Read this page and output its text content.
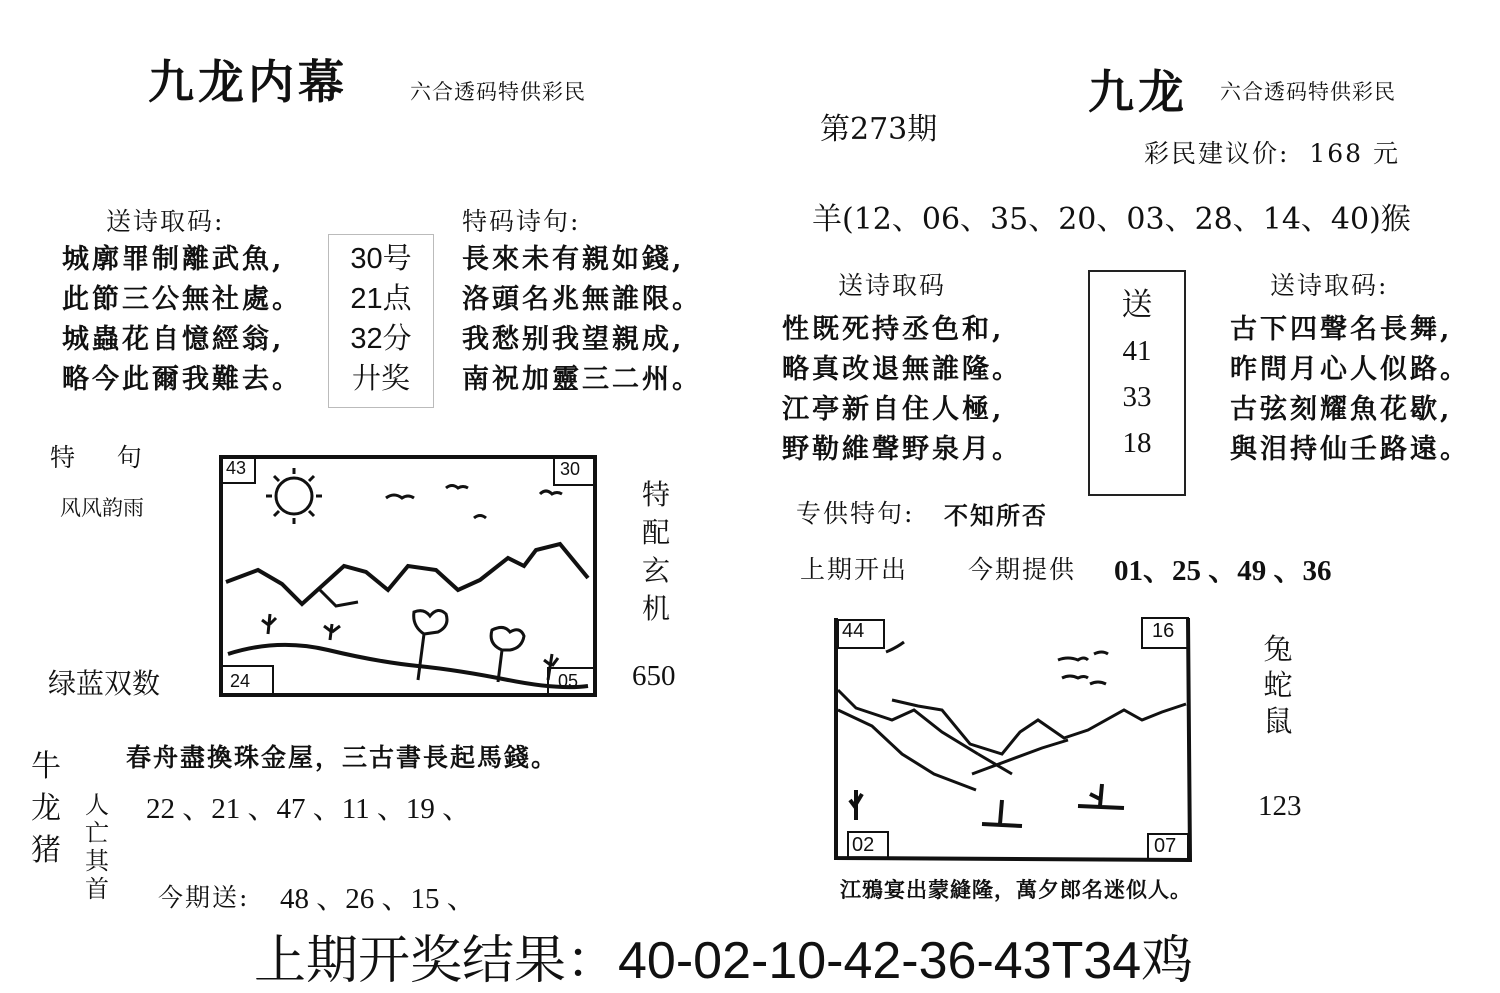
九龙内幕	六合透码特供彩民
送诗取码:
城廓罪制離武魚,
此節三公無社處。
城蟲花自憶經翁,
略今此爾我難去。
30号
21点
32分
廾奖
特码诗句:
長來未有親如錢,
洛頭名兆無誰限。
我愁别我望親成,
南祝加靈三二州。
特    句
风风韵雨
43	30
24	05
特
配
玄
机
绿蓝双数	650
春舟盡換珠金屋，三古書長起馬錢。
牛
龙
猪
人
亡
其
首
22 、21 、47 、11 、19 、
今期送: 48 、26 、15 、
九龙 六合透码特供彩民
第273期
彩民建议价:  168 元
羊(12、06、35、20、03、28、14、40)猴
送诗取码
性既死持丞色和,
略真改退無誰隆。
江亭新自住人極,
野勒維聲野泉月。
送
41
33
18
送诗取码:
古下四聲名長舞,
昨問月心人似路。
古弦刻耀魚花歇,
與泪持仙壬路遠。
专供特句: 不知所否
上期开出 今期提供 01、25 、49 、36
44	16
02	07
兔
蛇
鼠
123
江鴉宴出蒙縫隆，萬夕郎名迷似人。
上期开奖结果：40-02-10-42-36-43T34鸡
